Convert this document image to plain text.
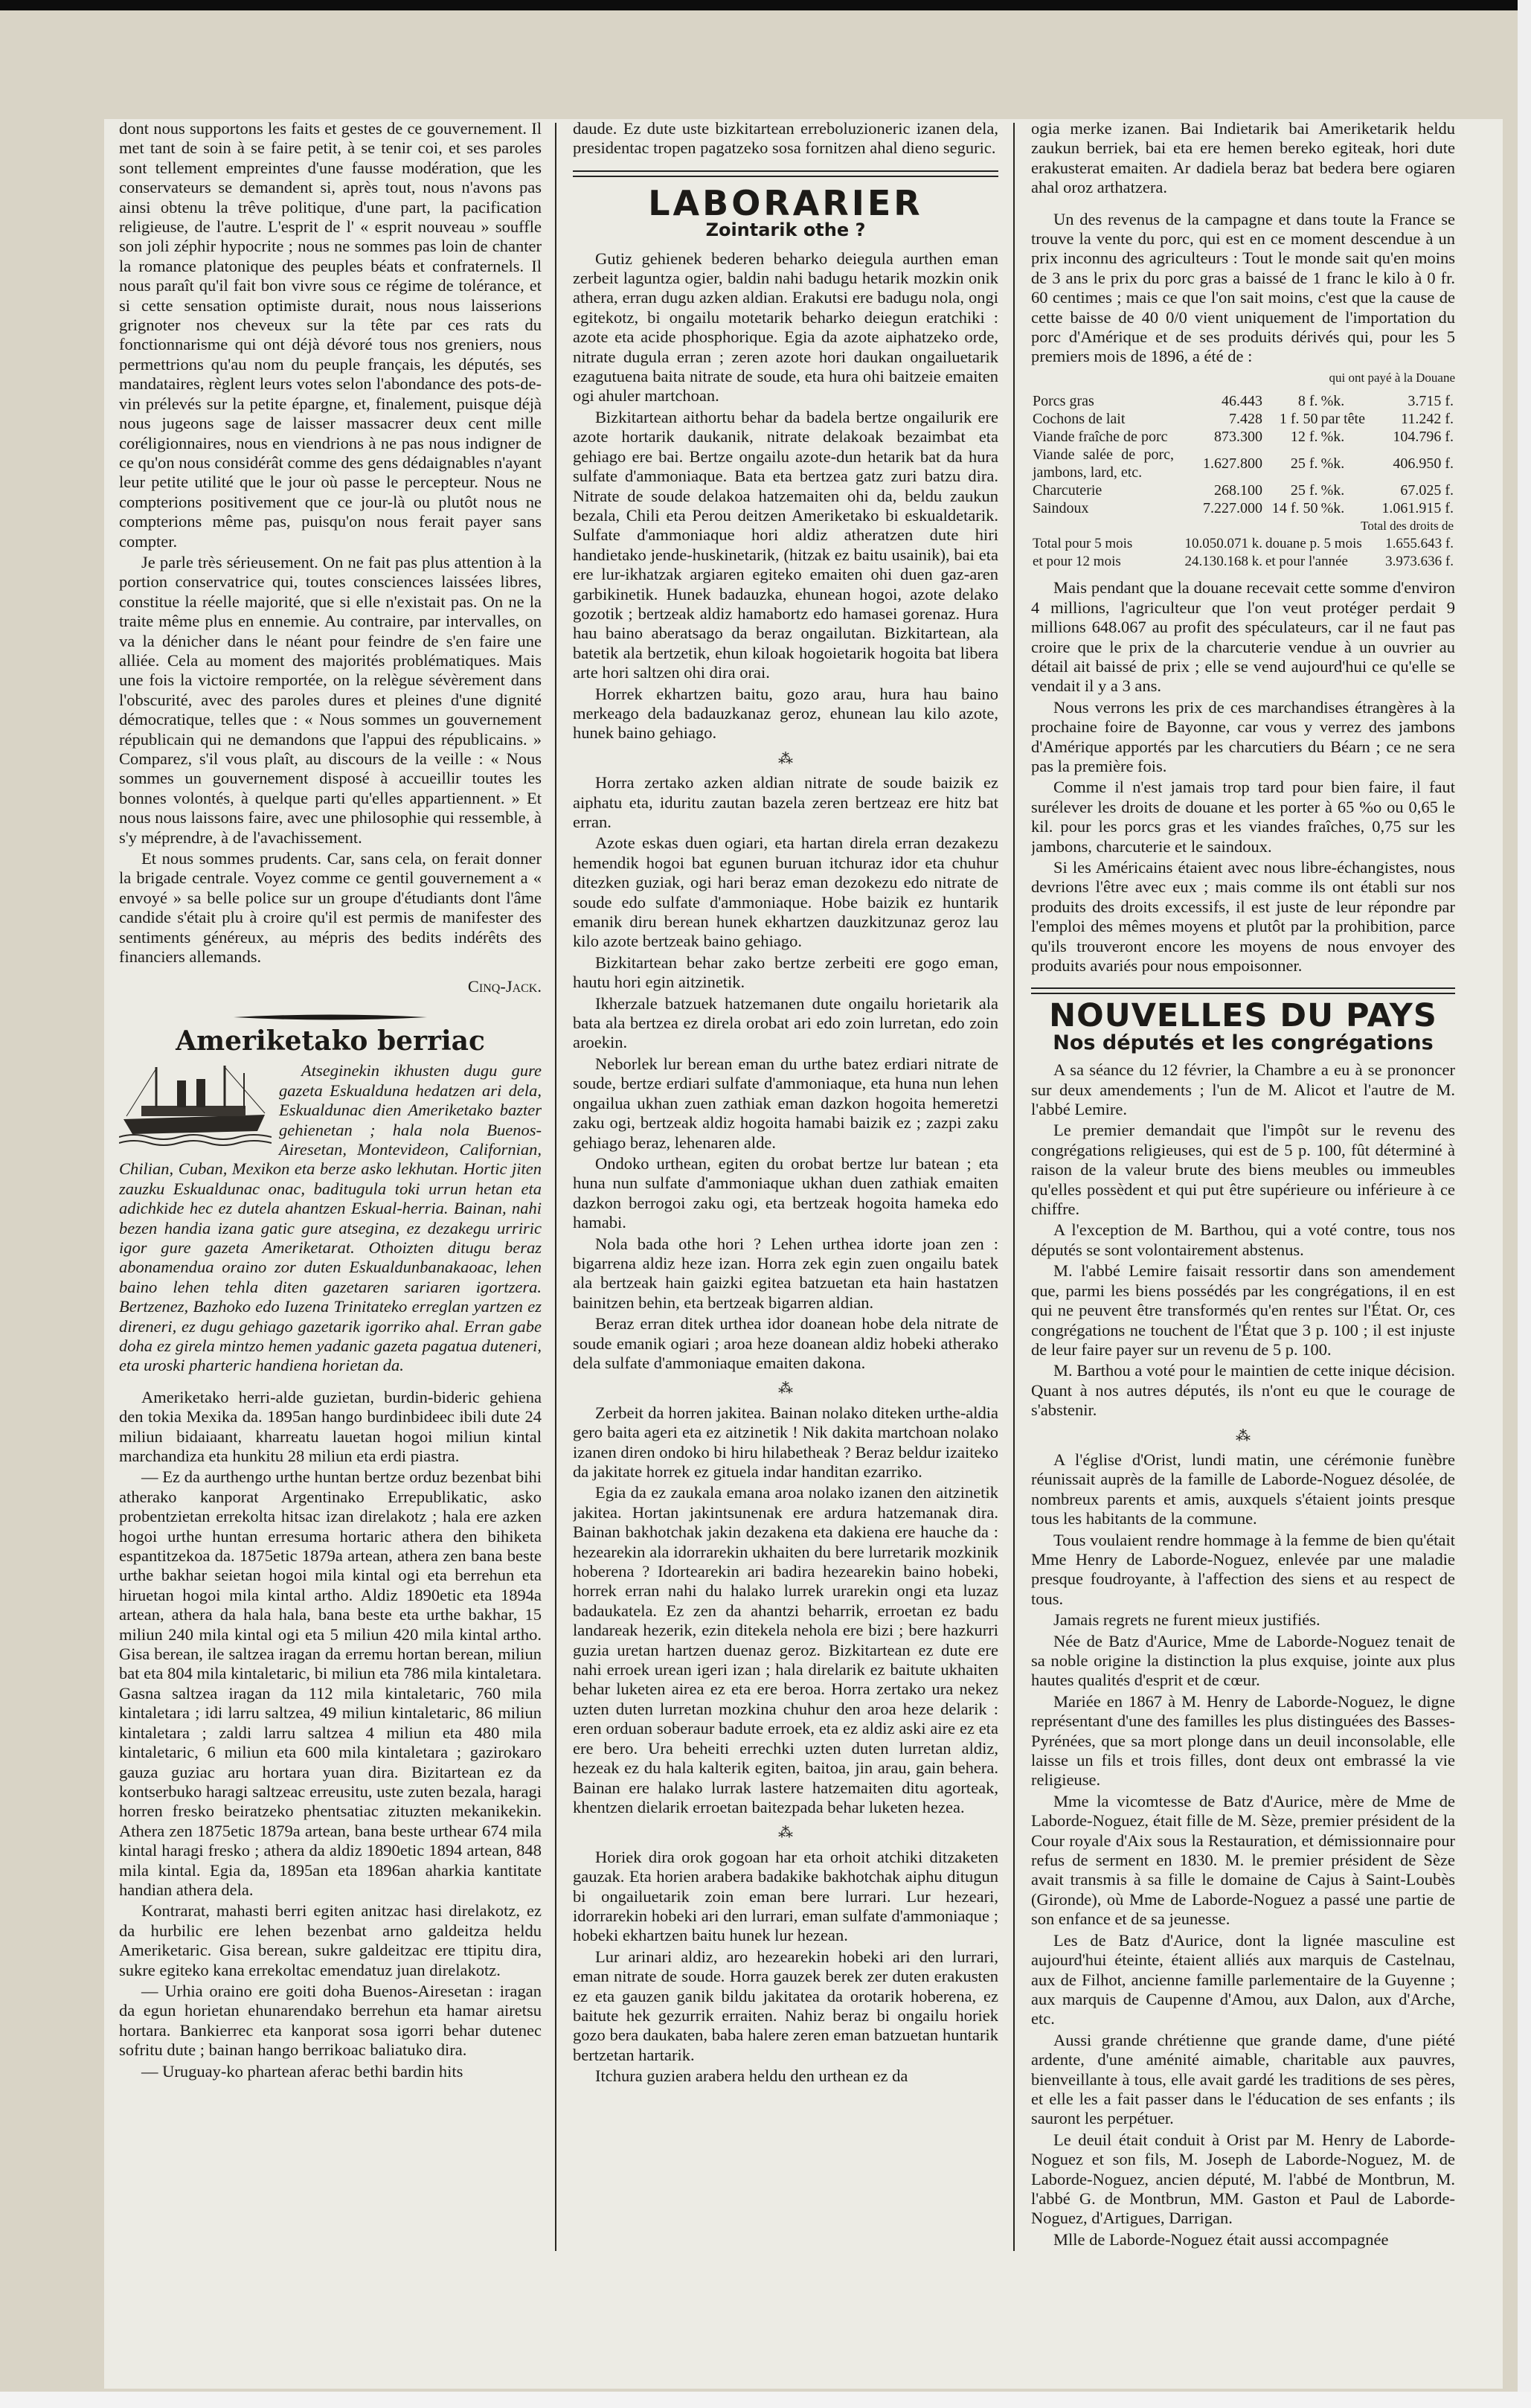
dont nous supportons les faits et gestes de ce gouvernement. Il met tant de soin à se faire petit, à se tenir coi, et ses paroles sont tellement empreintes d'une fausse modération, que les conservateurs se demandent si, après tout, nous n'avons pas ainsi obtenu la trêve politique, d'une part, la pacification religieuse, de l'autre. L'esprit de l' « esprit nouveau » souffle son joli zéphir hypocrite ; nous ne sommes pas loin de chanter la romance platonique des peuples béats et confraternels. Il nous paraît qu'il fait bon vivre sous ce régime de tolérance, et si cette sensation optimiste durait, nous nous laisserions grignoter nos cheveux sur la tête par ces rats du fonctionnarisme qui ont déjà dévoré tous nos greniers, nous permettrions qu'au nom du peuple français, les députés, ses mandataires, règlent leurs votes selon l'abondance des pots-de-vin prélevés sur la petite épargne, et, finalement, puisque déjà nous jugeons sage de laisser massacrer deux cent mille coréligionnaires, nous en viendrions à ne pas nous indigner de ce qu'on nous considérât comme des gens dédaignables n'ayant leur petite utilité que le jour où passe le percepteur. Nous ne compterions positivement que ce jour-là ou plutôt nous ne compterions même pas, puisqu'on nous ferait payer sans compter.

Je parle très sérieusement. On ne fait pas plus attention à la portion conservatrice qui, toutes consciences laissées libres, constitue la réelle majorité, que si elle n'existait pas. On ne la traite même plus en ennemie. Au contraire, par intervalles, on va la dénicher dans le néant pour feindre de s'en faire une alliée. Cela au moment des majorités problématiques. Mais une fois la victoire remportée, on la relègue sévèrement dans l'obscurité, avec des paroles dures et pleines d'une dignité démocratique, telles que : « Nous sommes un gouvernement républicain qui ne demandons que l'appui des républicains. » Comparez, s'il vous plaît, au discours de la veille : « Nous sommes un gouvernement disposé à accueillir toutes les bonnes volontés, à quelque parti qu'elles appartiennent. » Et nous nous laissons faire, avec une philosophie qui ressemble, à s'y méprendre, à de l'avachissement.

Et nous sommes prudents. Car, sans cela, on ferait donner la brigade centrale. Voyez comme ce gentil gouvernement a « envoyé » sa belle police sur un groupe d'étudiants dont l'âme candide s'était plu à croire qu'il est permis de manifester des sentiments généreux, au mépris des bedits indérêts des financiers allemands.

Cinq-Jack.
Ameriketako berriac

Atseginekin ikhusten dugu gure gazeta Eskualduna hedatzen ari dela, Eskualdunac dien Ameriketako bazter gehienetan ; hala nola Buenos-Airesetan, Montevideon, Californian, Chilian, Cuban, Mexikon eta berze asko lekhutan. Hortic jiten zauzku Eskualdunac onac, baditugula toki urrun hetan eta adichkide hec ez dutela ahantzen Eskual-herria. Bainan, nahi bezen handia izana gatic gure atseginа, ez dezakegu urriric igor gure gazeta Ameriketarat. Othoizten ditugu beraz abonamendua oraino zor duten Eskualdunbanakaoac, lehen baino lehen tehla diten gazetaren sariaren igortzera. Bertzenez, Bazhoko edo Iuzena Trinitateko erreglan yartzen ez direneri, ez dugu gehiago gazetarik igorriko ahal. Erran gabe doha ez girela mintzo hemen yadanic gazeta pagatua duteneri, eta uroski pharteric handiena horietan da.

Ameriketako herri-alde guzietan, burdin-bideric gehiena den tokia Mexika da. 1895an hango burdinbideec ibili dute 24 miliun bidaiaant, kharreatu lauetan hogoi miliun kintal marchandiza eta hunkitu 28 miliun eta erdi piastra.

— Ez da aurthengo urthe huntan bertze orduz bezenbat bihi atherako kanporat Argentinako Errepublikatic, asko probentzietan errekolta hitsac izan direlakotz ; hala ere azken hogoi urthe huntan erresuma hortaric athera den bihiketa espantitzekoa da. 1875etic 1879a artean, athera zen bana beste urthe bakhar seietan hogoi mila kintal ogi eta berrehun eta hiruetan hogoi mila kintal artho. Aldiz 1890etic eta 1894a artean, athera da hala hala, bana beste eta urthe bakhar, 15 miliun 240 mila kintal ogi eta 5 miliun 420 mila kintal artho. Gisa berean, ile saltzea iragan da erremu hortan berean, miliun bat eta 804 mila kintaletaric, bi miliun eta 786 mila kintaletara. Gasna saltzea iragan da 112 mila kintaletaric, 760 mila kintaletara ; idi larru saltzea, 49 miliun kintaletaric, 86 miliun kintaletara ; zaldi larru saltzea 4 miliun eta 480 mila kintaletaric, 6 miliun eta 600 mila kintaletara ; gazirokaro gauza guziac aru hortara yuan dira. Bizitartean ez da kontserbuko haragi saltzeac erreusitu, uste zuten bezala, haragi horren fresko beiratzeko phentsatiac zituzten mekanikekin. Athera zen 1875etic 1879a artean, bana beste urthear 674 mila kintal haragi fresko ; athera da aldiz 1890etic 1894 artean, 848 mila kintal. Egia da, 1895an eta 1896an aharkia kantitate handian athera dela.

Kontrarat, mahasti berri egiten anitzac hasi direlakotz, ez da hurbilic ere lehen bezenbat arno galdeitza heldu Ameriketaric. Gisa berean, sukre galdeitzac ere ttipitu dira, sukre egiteko kana errekoltac emendatuz juan direlakotz.

— Urhia oraino ere goiti doha Buenos-Airesetan : iragan da egun horietan ehunarendako berrehun eta hamar airetsu hortara. Bankierrec eta kanporat sosa igorri behar dutenec sofritu dute ; bainan hango berrikoac baliatuko dira.

— Uruguay-ko phartean aferac bethi bardin hits

daude. Ez dute uste bizkitartean erreboluzioneric izanen dela, presidentac tropen pagatzeko sosa fornitzen ahal dieno seguric.

LABORARIER
Zointarik othe ?

Gutiz gehienek bederen beharko deiegula aurthen eman zerbeit laguntza ogier, baldin nahi badugu hetarik mozkin onik athera, erran dugu azken aldian. Erakutsi ere badugu nola, ongi egitekotz, bi ongailu motetarik beharko deiegun eratchiki : azote eta acide phosphorique. Egia da azote aiphatzeko orde, nitrate dugula erran ; zeren azote hori daukan ongailuetarik ezagutuena baita nitrate de soude, eta hura ohi baitzeie emaiten ogi ahuler martchoan.

Bizkitartean aithortu behar da badela bertze ongailurik ere azote hortarik daukanik, nitrate delakoak bezaimbat eta gehiago ere bai. Bertze ongailu azote-dun hetarik bat da hura sulfate d'ammoniaque. Bata eta bertzea gatz zuri batzu dira. Nitrate de soude delakoa hatzemaiten ohi da, beldu zaukun bezala, Chili eta Perou deitzen Ameriketako bi eskualdetarik. Sulfate d'ammoniaque hori aldiz atheratzen dute hiri handietako jende-huskinetarik, (hitzak ez baitu usainik), bai eta ere lur-ikhatzak argiaren egiteko emaiten ohi duen gaz-aren garbikinetik. Hunek badauzka, ehunean hogoi, azote delako gozotik ; bertzeak aldiz hamabortz edo hamasei gorenaz. Hura hau baino aberatsago da beraz ongailutan. Bizkitartean, ala batetik ala bertzetik, ehun kiloak hogoietarik hogoita bat libera arte hori saltzen ohi dira orai.

Horrek ekhartzen baitu, gozo arau, hura hau baino merkeago dela badauzkanaz geroz, ehunean lau kilo azote, hunek baino gehiago.

⁂

Horra zertako azken aldian nitrate de soude baizik ez aiphatu eta, iduritu zautan bazela zeren bertzeaz ere hitz bat erran.

Azote eskas duen ogiari, eta hartan direla erran dezakezu hemendik hogoi bat egunen buruan itchuraz idor eta chuhur ditezken guziak, ogi hari beraz eman dezokezu edo nitrate de soude edo sulfate d'ammoniaque. Hobe baizik ez huntarik emanik diru berean hunek ekhartzen dauzkitzunaz geroz lau kilo azote bertzeak baino gehiago.

Bizkitartean behar zako bertze zerbeiti ere gogo eman, hautu hori egin aitzinetik.

Ikherzale batzuek hatzemanen dute ongailu horietarik ala bata ala bertzea ez direla orobat ari edo zoin lurretan, edo zoin aroekin.

Neborlek lur berean eman du urthe batez erdiari nitrate de soude, bertze erdiari sulfate d'ammoniaque, eta huna nun lehen ongailua ukhan zuen zathiak eman dazkon hogoita hemeretzi zaku ogi, bertzeak aldiz hogoita hamabi baizik ez ; zazpi zaku gehiago beraz, lehenaren alde.

Ondoko urthean, egiten du orobat bertze lur batean ; eta huna nun sulfate d'ammoniaque ukhan duen zathiak emaiten dazkon berrogoi zaku ogi, eta bertzeak hogoita hameka edo hamabi.

Nola bada othe hori ? Lehen urthea idorte joan zen : bigarrena aldiz heze izan. Horra zek egin zuen ongailu batek ala bertzeak hain gaizki egitea batzuetan eta hain hastatzen bainitzen behin, eta bertzeak bigarren aldian.

Beraz erran ditek urthea idor doanean hobe dela nitrate de soude emanik ogiari ; aroa heze doanean aldiz hobeki atherako dela sulfate d'ammoniaque emaiten dakona.

⁂

Zerbeit da horren jakitea. Bainan nolako diteken urthe-aldia gero baita ageri eta ez aitzinetik ! Nik dakita martchoan nolako izanen diren ondoko bi hiru hilabetheak ? Beraz beldur izaiteko da jakitate horrek ez gituela indar handitan ezarriko.

Egia da ez zaukala emana aroa nolako izanen den aitzinetik jakitea. Hortan jakintsunenak ere ardura hatzemanak dira. Bainan bakhotchak jakin dezakena eta dakiena ere hauche da : hezearekin ala idorrarekin ukhaiten du bere lurretarik mozkinik hoberena ? Idortearekin ari badira hezearekin baino hobeki, horrek erran nahi du halako lurrek urarekin ongi eta luzaz badaukatela. Ez zen da ahantzi beharrik, erroetan ez badu landareak hezerik, ezin ditekela nehola ere bizi ; bere hazkurri guzia uretan hartzen duenaz geroz. Bizkitartean ez dute ere nahi erroek urean igeri izan ; hala direlarik ez baitute ukhaiten behar luketen airea ez eta ere beroa. Horra zertako ura nekez uzten duten lurretan mozkina chuhur den aroa heze delarik : eren orduan soberaur badute erroek, eta ez aldiz aski aire ez eta ere bero. Ura beheiti errechki uzten duten lurretan aldiz, hezeak ez du hala kalterik egiten, baitoa, jin arau, gain behera. Bainan ere halako lurrak lastere hatzemaiten ditu agorteak, khentzen dielarik erroetan baitezpada behar luketen hezea.

⁂

Horiek dira orok gogoan har eta orhoit atchiki ditzaketen gauzak. Eta horien arabera badakike bakhotchak aiphu ditugun bi ongailuetarik zoin eman bere lurrari. Lur hezeari, idorrarekin hobeki ari den lurrari, eman sulfate d'ammoniaque ; hobeki ekhartzen baitu hunek lur hezean.

Lur arinari aldiz, aro hezearekin hobeki ari den lurrari, eman nitrate de soude. Horra gauzek berek zer duten erakusten ez eta gauzen ganik bildu jakitatea da orotarik hoberena, ez baitute hek gezurrik erraiten. Nahiz beraz bi ongailu horiek gozo bera daukaten, baba halere zeren eman batzuetan huntarik bertzetan hartarik.

Itchura guzien arabera heldu den urthean ez da

ogia merke izanen. Bai Indietarik bai Ameriketarik heldu zaukun berriek, bai eta ere hemen bereko egiteak, hori dute erakusterat emaiten. Ar dadiela beraz bat bedera bere ogiaren ahal oroz arthatzera.

Un des revenus de la campagne et dans toute la France se trouve la vente du porc, qui est en ce moment descendue à un prix inconnu des agriculteurs : Tout le monde sait qu'en moins de 3 ans le prix du porc gras a baissé de 1 franc le kilo à 0 fr. 60 centimes ; mais ce que l'on sait moins, c'est que la cause de cette baisse de 40 0/0 vient uniquement de l'importation du porc d'Amérique et de ses produits dérivés qui, pour les 5 premiers mois de 1896, a été de :

qui ont payé à la Douane
Porcs gras	46.443	8 f.	%k.	3.715 f.
Cochons de lait	7.428	1 f. 50	par tête	11.242 f.
Viande fraîche de porc	873.300	12 f.	%k.	104.796 f.
Viande salée de porc, jambons, lard, etc.	1.627.800	25 f.	%k.	406.950 f.
Charcuterie	268.100	25 f.	%k.	67.025 f.
Saindoux	7.227.000	14 f. 50	%k.	1.061.915 f.
Total des droits de				
Total pour 5 mois	10.050.071 k.	douane p. 5 mois		1.655.643 f.
et pour 12 mois	24.130.168 k.	et pour l'année		3.973.636 f.

Mais pendant que la douane recevait cette somme d'environ 4 millions, l'agriculteur que l'on veut protéger perdait 9 millions 648.067 au profit des spéculateurs, car il ne faut pas croire que le prix de la charcuterie vendue à un ouvrier au détail ait baissé de prix ; elle se vend aujourd'hui ce qu'elle se vendait il y a 3 ans.

Nous verrons les prix de ces marchandises étrangères à la prochaine foire de Bayonne, car vous y verrez des jambons d'Amérique apportés par les charcutiers du Béarn ; ce ne sera pas la première fois.

Comme il n'est jamais trop tard pour bien faire, il faut surélever les droits de douane et les porter à 65 %o ou 0,65 le kil. pour les porcs gras et les viandes fraîches, 0,75 sur les jambons, charcuterie et le saindoux.

Si les Américains étaient avec nous libre-échangistes, nous devrions l'être avec eux ; mais comme ils ont établi sur nos produits des droits excessifs, il est juste de leur répondre par l'emploi des mêmes moyens et plutôt par la prohibition, parce qu'ils trouveront encore les moyens de nous envoyer des produits avariés pour nous empoisonner.

NOUVELLES DU PAYS
Nos députés et les congrégations

A sa séance du 12 février, la Chambre a eu à se prononcer sur deux amendements ; l'un de M. Alicot et l'autre de M. l'abbé Lemire.

Le premier demandait que l'impôt sur le revenu des congrégations religieuses, qui est de 5 p. 100, fût déterminé à raison de la valeur brute des biens meubles ou immeubles qu'elles possèdent et qui put être supérieure ou inférieure à ce chiffre.

A l'exception de M. Barthou, qui a voté contre, tous nos députés se sont volontairement abstenus.

M. l'abbé Lemire faisait ressortir dans son amendement que, parmi les biens possédés par les congrégations, il en est qui ne peuvent être transformés qu'en rentes sur l'État. Or, ces congrégations ne touchent de l'État que 3 p. 100 ; il est injuste de leur faire payer sur un revenu de 5 p. 100.

M. Barthou a voté pour le maintien de cette inique décision. Quant à nos autres députés, ils n'ont eu que le courage de s'abstenir.

⁂

A l'église d'Orist, lundi matin, une cérémonie funèbre réunissait auprès de la famille de Laborde-Noguez désolée, de nombreux parents et amis, auxquels s'étaient joints presque tous les habitants de la commune.

Tous voulaient rendre hommage à la femme de bien qu'était Mme Henry de Laborde-Noguez, enlevée par une maladie presque foudroyante, à l'affection des siens et au respect de tous.

Jamais regrets ne furent mieux justifiés.

Née de Batz d'Aurice, Mme de Laborde-Noguez tenait de sa noble origine la distinction la plus exquise, jointe aux plus hautes qualités d'esprit et de cœur.

Mariée en 1867 à M. Henry de Laborde-Noguez, le digne représentant d'une des familles les plus distinguées des Basses-Pyrénées, que sa mort plonge dans un deuil inconsolable, elle laisse un fils et trois filles, dont deux ont embrassé la vie religieuse.

Mme la vicomtesse de Batz d'Aurice, mère de Mme de Laborde-Noguez, était fille de M. Sèze, premier président de la Cour royale d'Aix sous la Restauration, et démissionnaire pour refus de serment en 1830. M. le premier président de Sèze avait transmis à sa fille le domaine de Cajus à Saint-Loubès (Gironde), où Mme de Laborde-Noguez a passé une partie de son enfance et de sa jeunesse.

Les de Batz d'Aurice, dont la lignée masculine est aujourd'hui éteinte, étaient alliés aux marquis de Castelnau, aux de Filhot, ancienne famille parlementaire de la Guyenne ; aux marquis de Caupenne d'Amou, aux Dalon, aux d'Arche, etc.

Aussi grande chrétienne que grande dame, d'une piété ardente, d'une aménité aimable, charitable aux pauvres, bienveillante à tous, elle avait gardé les traditions de ses pères, et elle les a fait passer dans le l'éducation de ses enfants ; ils sauront les perpétuer.

Le deuil était conduit à Orist par M. Henry de Laborde-Noguez et son fils, M. Joseph de Laborde-Noguez, M. de Laborde-Noguez, ancien député, M. l'abbé de Montbrun, M. l'abbé G. de Montbrun, MM. Gaston et Paul de Laborde-Noguez, d'Artigues, Darrigan.

Mlle de Laborde-Noguez était aussi accompagnée
